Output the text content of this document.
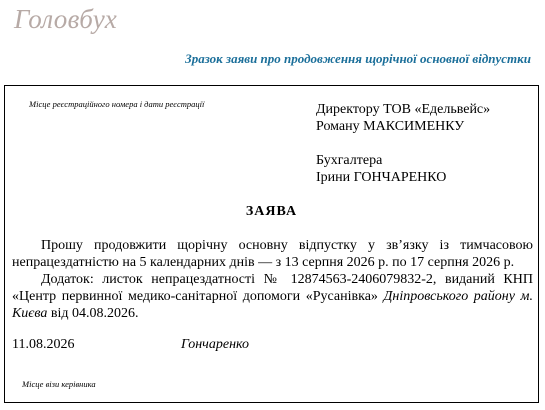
Головбух
Зразок заяви про продовження щорічної основної відпустки
Місце реєстраційного номера і дати реєстрації	Директору ТОВ «Едельвейс»
Роману МАКСИМЕНКУ
Бухгалтера
Ірини ГОНЧАРЕНКО
ЗАЯВА

Прошу продовжити щорічну основну відпустку у зв’язку із тимчасовою непрацездатністю на 5 календарних днів — з 13 серпня 2026 р. по 17 серпня 2026 р.

Додаток: листок непрацездатності № 12874563-2406079832-2, виданий КНП «Центр первинної медико-санітарної допомоги «Русанівка» Дніпровського району м. Києва від 04.08.2026.

11.08.2026	Гончаренко
Місце візи керівника
